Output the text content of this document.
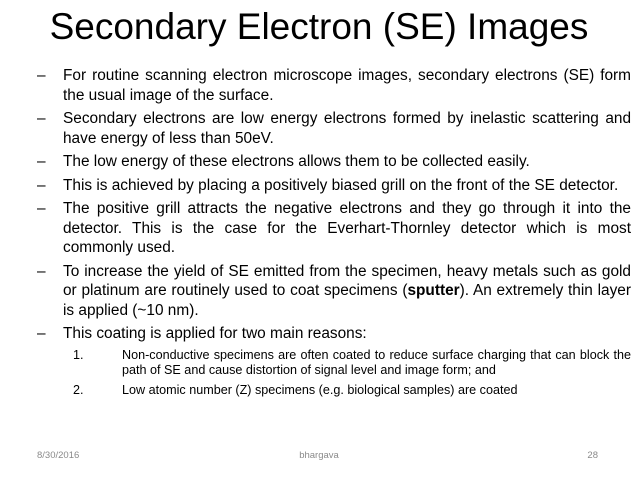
Secondary Electron (SE) Images
– For routine scanning electron microscope images, secondary electrons (SE) form the usual image of the surface.
– Secondary electrons are low energy electrons formed by inelastic scattering and have energy of less than 50eV.
– The low energy of these electrons allows them to be collected easily.
– This is achieved by placing a positively biased grill on the front of the SE detector.
– The positive grill attracts the negative electrons and they go through it into the detector. This is the case for the Everhart-Thornley detector which is most commonly used.
– To increase the yield of SE emitted from the specimen, heavy metals such as gold or platinum are routinely used to coat specimens (sputter). An extremely thin layer is applied (~10 nm).
– This coating is applied for two main reasons:
1.	Non-conductive specimens are often coated to reduce surface charging that can block the path of SE and cause distortion of signal level and image form; and
2.	Low atomic number (Z) specimens (e.g. biological samples) are coated
8/30/2016	bhargava	28
